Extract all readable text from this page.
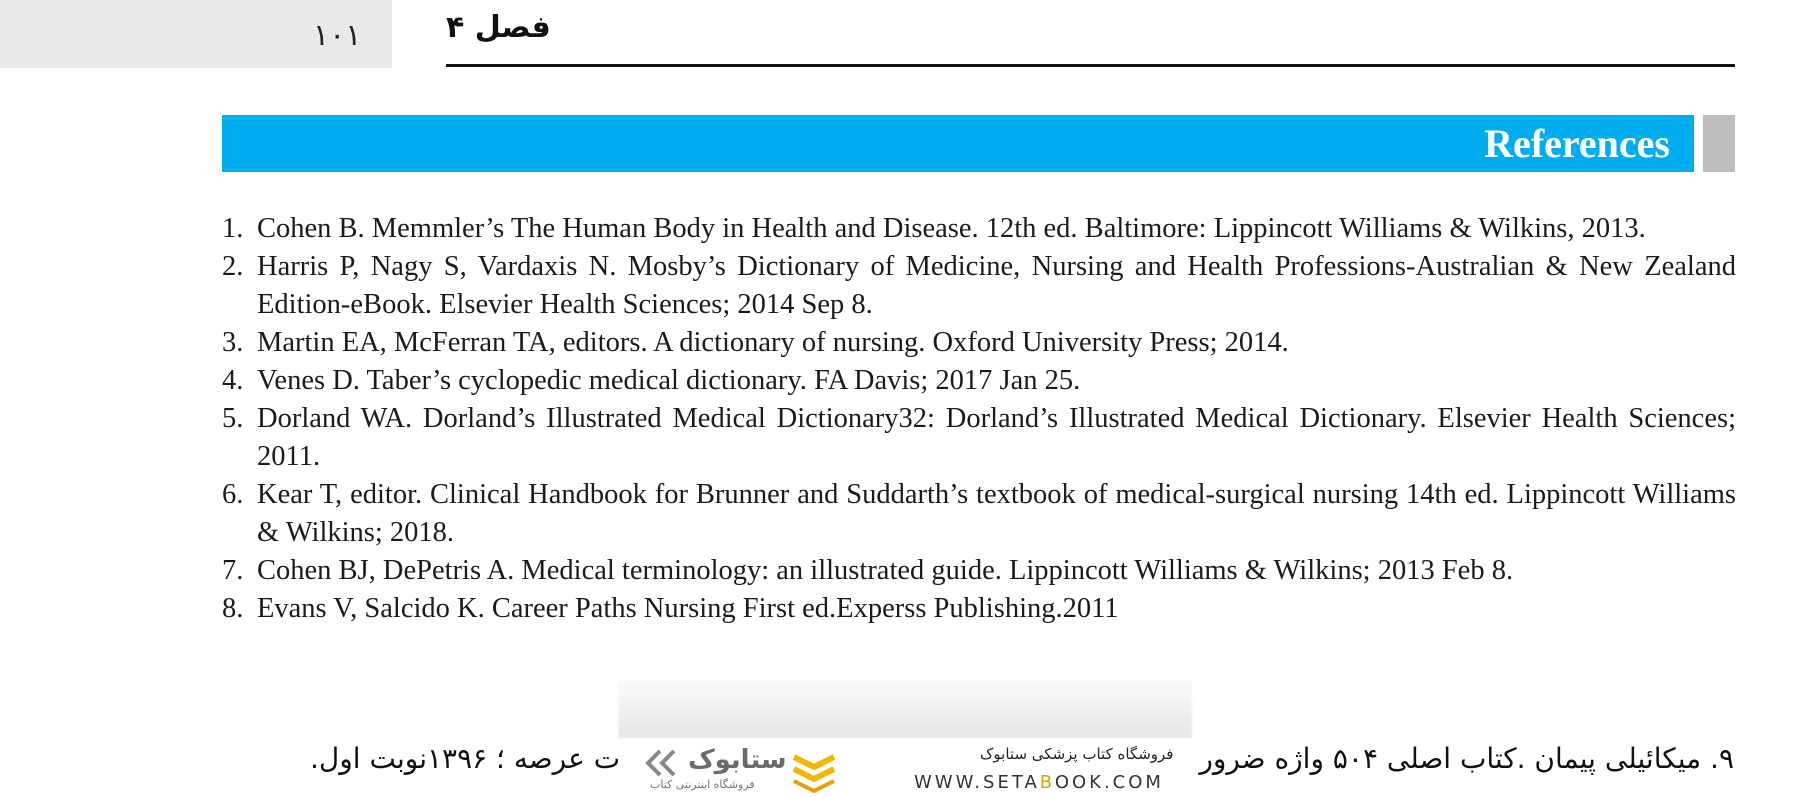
۱۰۱	فصل ۴
References
1. Cohen B. Memmler’s The Human Body in Health and Disease. 12th ed. Baltimore: Lippincott Williams & Wilkins, 2013.
2. Harris P, Nagy S, Vardaxis N. Mosby’s Dictionary of Medicine, Nursing and Health Professions-Australian & New Zealand Edition-eBook. Elsevier Health Sciences; 2014 Sep 8.
3. Martin EA, McFerran TA, editors. A dictionary of nursing. Oxford University Press; 2014.
4. Venes D. Taber’s cyclopedic medical dictionary. FA Davis; 2017 Jan 25.
5. Dorland WA. Dorland’s Illustrated Medical Dictionary32: Dorland’s Illustrated Medical Dictionary. Elsevier Health Sciences; 2011.
6. Kear T, editor. Clinical Handbook for Brunner and Suddarth’s textbook of medical-surgical nursing 14th ed. Lippincott Williams & Wilkins; 2018.
7. Cohen BJ, DePetris A. Medical terminology: an illustrated guide. Lippincott Williams & Wilkins; 2013 Feb 8.
8. Evans V, Salcido K. Career Paths Nursing First ed.Experss Publishing.2011
۹. میکائیلی پیمان .کتاب اصلی ۵۰۴ واژه ضرور
ت عرصه ؛ ۱۳۹۶نوبت اول.	ستابوک
فروشگاه اینترنتی کتاب
فروشگاه کتاب پزشکی ستابوک
WWW.SETABOOK.COM
